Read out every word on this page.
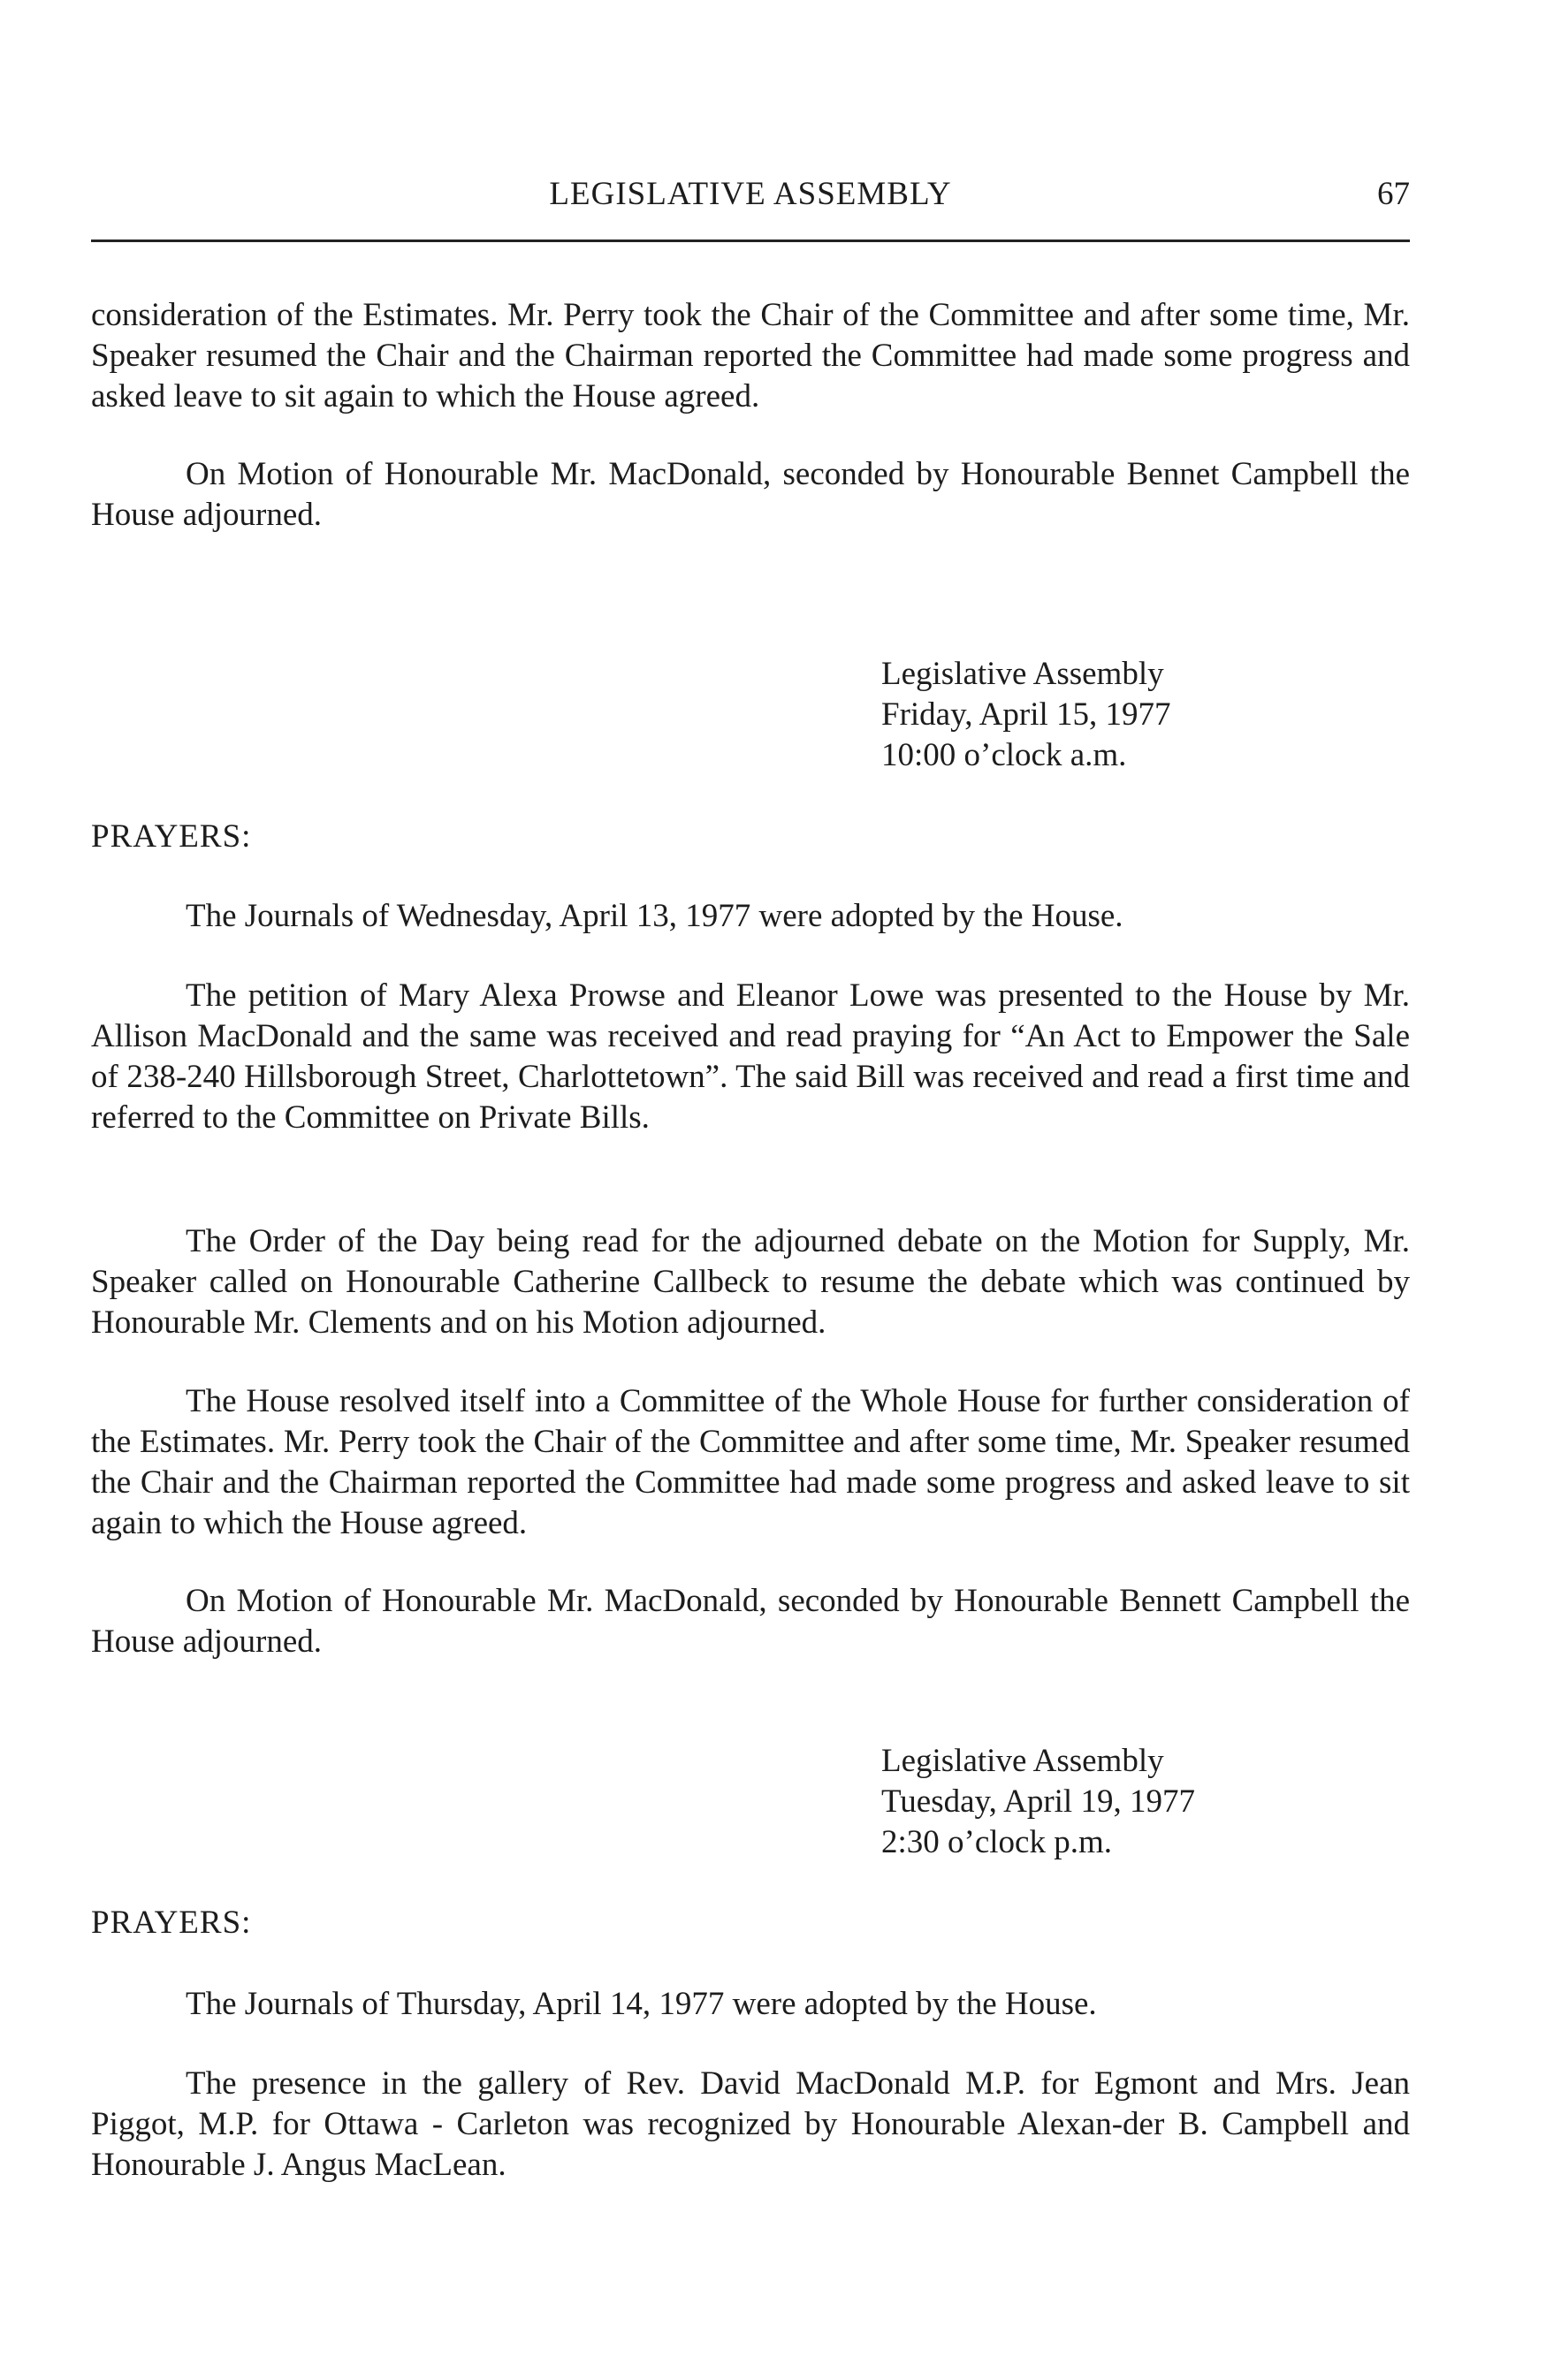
LEGISLATIVE ASSEMBLY	67

consideration of the Estimates. Mr. Perry took the Chair of the Committee and after some time, Mr. Speaker resumed the Chair and the Chairman reported the Committee had made some progress and asked leave to sit again to which the House agreed.

On Motion of Honourable Mr. MacDonald, seconded by Honourable Bennet Campbell the House adjourned.

Legislative Assembly
Friday, April 15, 1977
10:00 o’clock a.m.
PRAYERS:

The Journals of Wednesday, April 13, 1977 were adopted by the House.

The petition of Mary Alexa Prowse and Eleanor Lowe was presented to the House by Mr. Allison MacDonald and the same was received and read praying for “An Act to Empower the Sale of 238-240 Hillsborough Street, Charlottetown”. The said Bill was received and read a first time and referred to the Committee on Private Bills.

The Order of the Day being read for the adjourned debate on the Motion for Supply, Mr. Speaker called on Honourable Catherine Callbeck to resume the debate which was continued by Honourable Mr. Clements and on his Motion adjourned.

The House resolved itself into a Committee of the Whole House for further consideration of the Estimates. Mr. Perry took the Chair of the Committee and after some time, Mr. Speaker resumed the Chair and the Chairman reported the Committee had made some progress and asked leave to sit again to which the House agreed.

On Motion of Honourable Mr. MacDonald, seconded by Honourable Bennett Campbell the House adjourned.

Legislative Assembly
Tuesday, April 19, 1977
2:30 o’clock p.m.
PRAYERS:

The Journals of Thursday, April 14, 1977 were adopted by the House.

The presence in the gallery of Rev. David MacDonald M.P. for Egmont and Mrs. Jean Piggot, M.P. for Ottawa - Carleton was recognized by Honourable Alexan-der B. Campbell and Honourable J. Angus MacLean.
